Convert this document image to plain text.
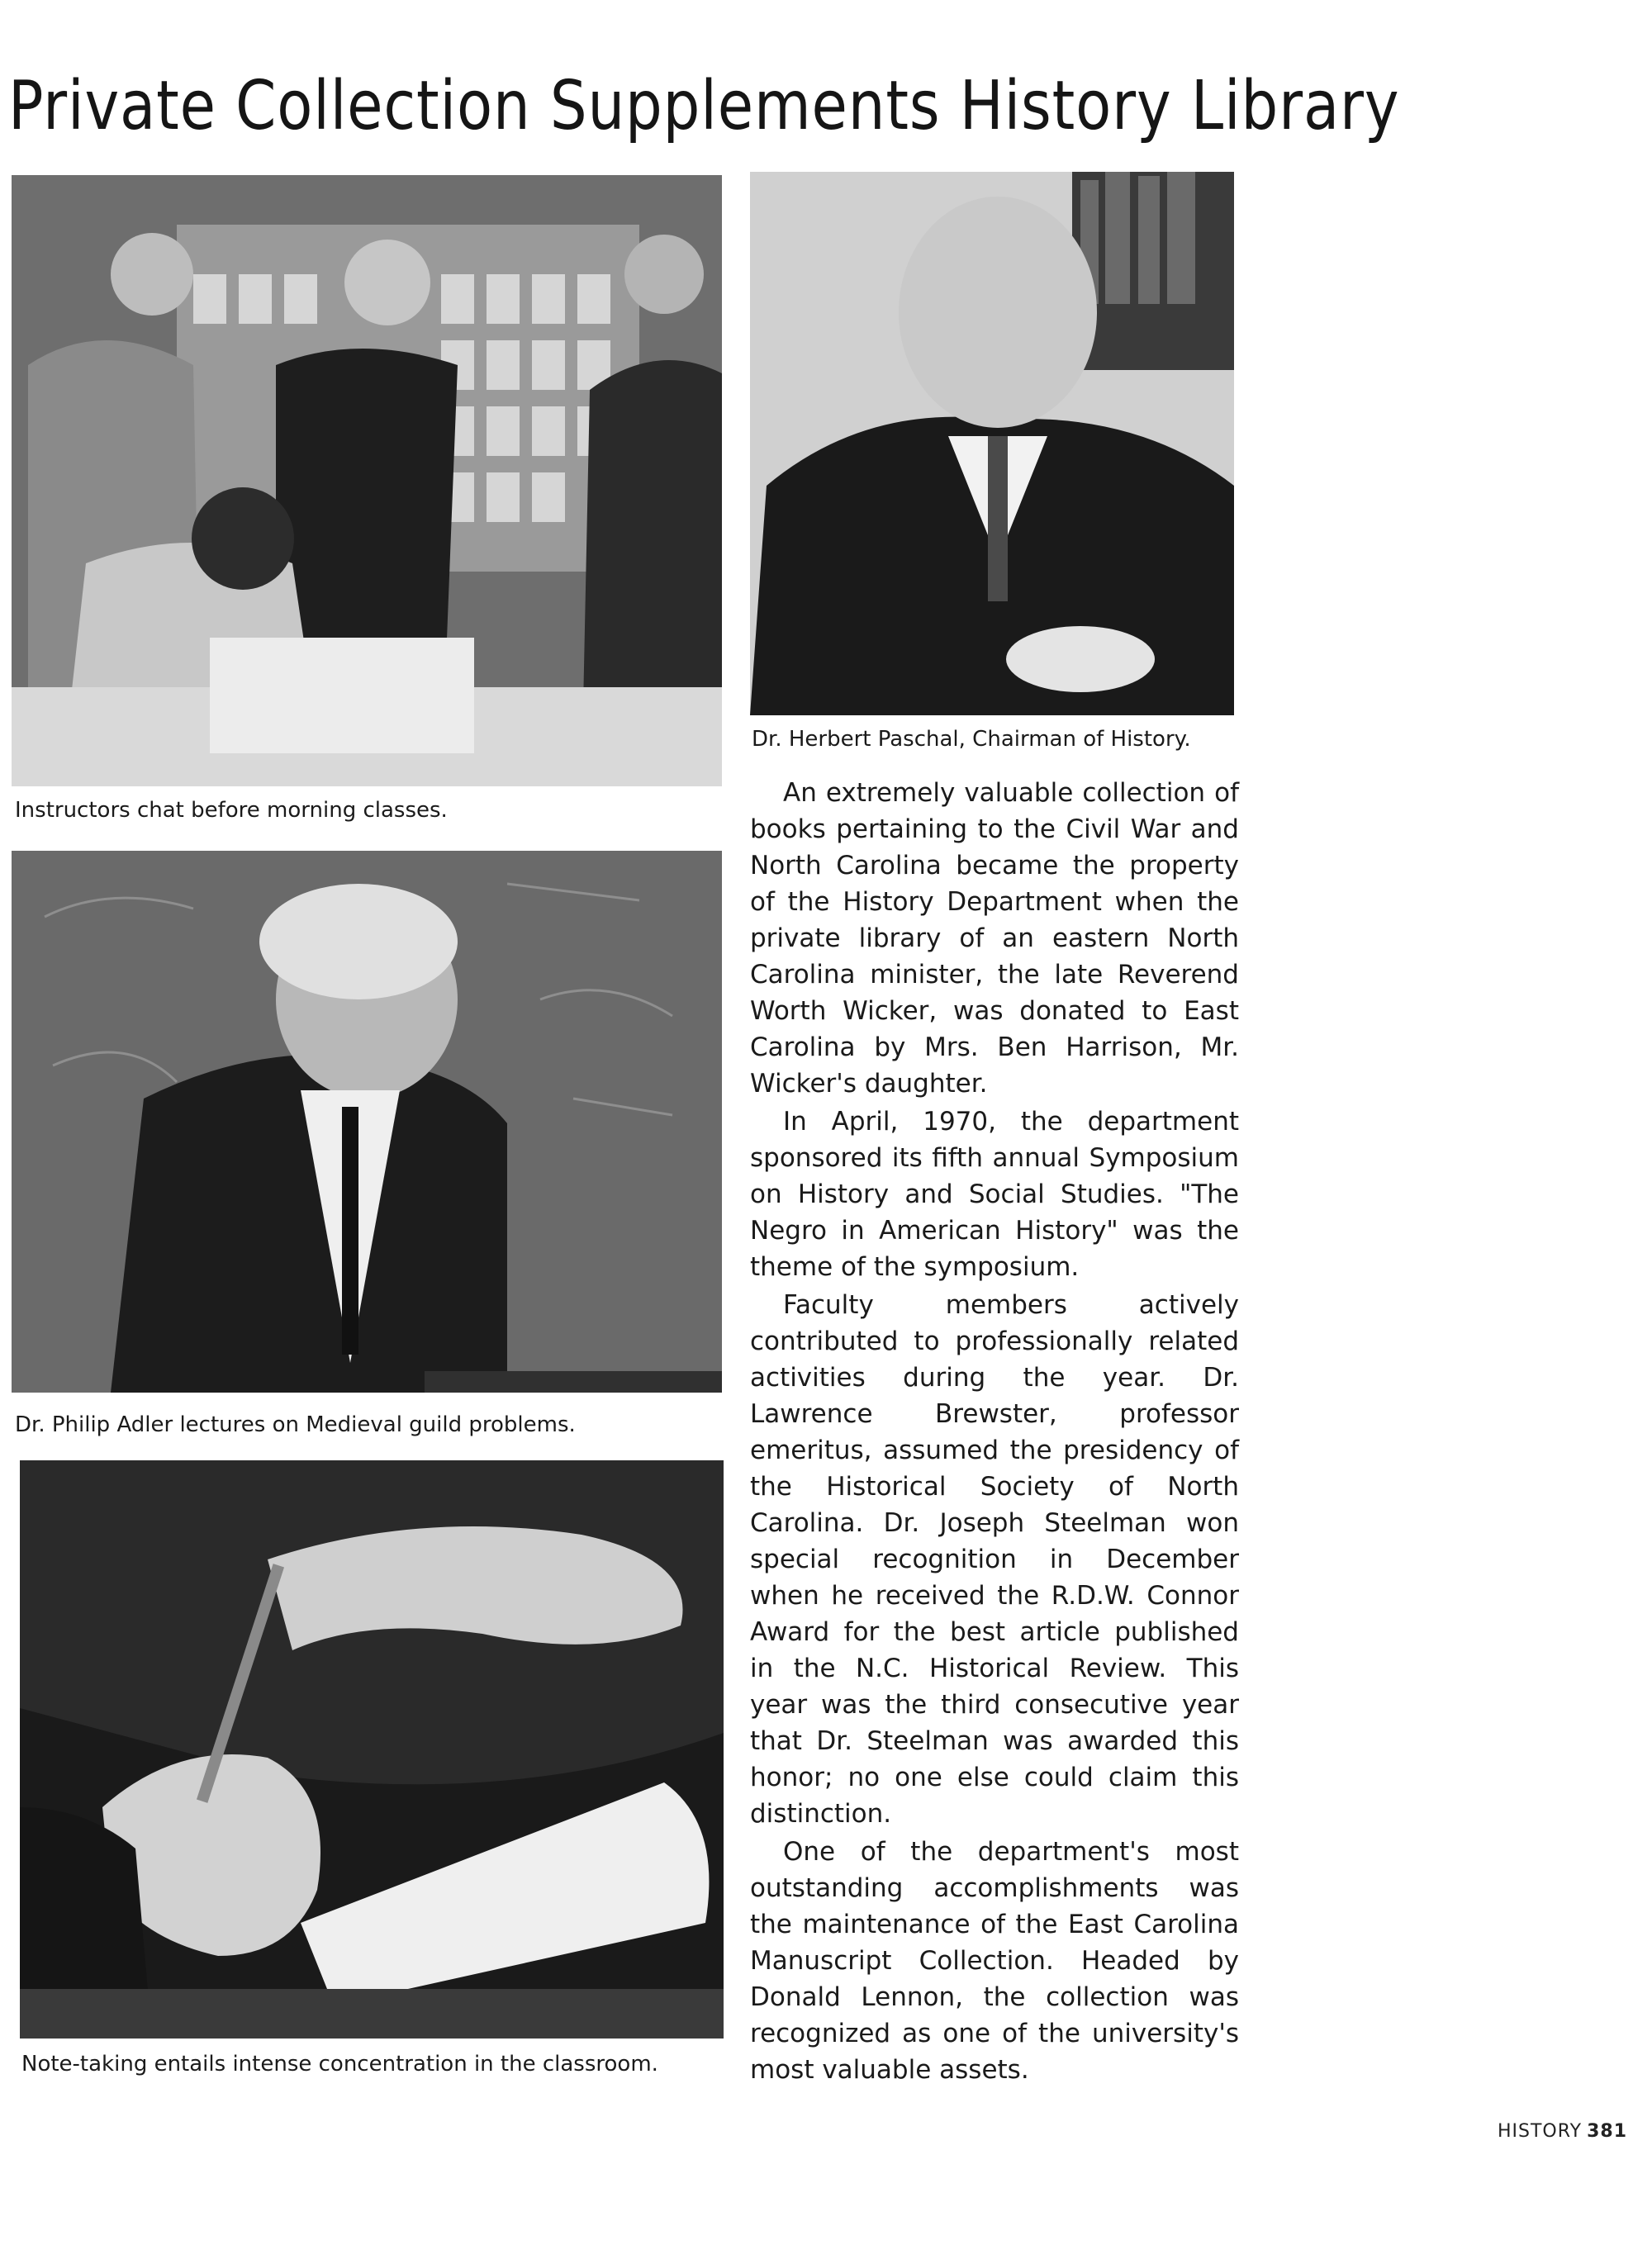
Private Collection Supplements History Library

Instructors chat before morning classes.

Dr. Herbert Paschal, Chairman of History.

Dr. Philip Adler lectures on Medieval guild problems.

Note-taking entails intense concentration in the classroom.

An extremely valuable collection of books pertaining to the Civil War and North Carolina became the property of the History Department when the private library of an eastern North Carolina minister, the late Reverend Worth Wicker, was donated to East Carolina by Mrs. Ben Harrison, Mr. Wicker's daughter.

In April, 1970, the department sponsored its fifth annual Symposium on History and Social Studies. "The Negro in American History" was the theme of the symposium.

Faculty members actively contributed to professionally related activities during the year. Dr. Lawrence Brewster, professor emeritus, assumed the presidency of the Historical Society of North Carolina. Dr. Joseph Steelman won special recognition in December when he received the R.D.W. Connor Award for the best article published in the N.C. Historical Review. This year was the third consecutive year that Dr. Steelman was awarded this honor; no one else could claim this distinction.

One of the department's most outstanding accomplishments was the maintenance of the East Carolina Manuscript Collection. Headed by Donald Lennon, the collection was recognized as one of the university's most valuable assets.

HISTORY 381
